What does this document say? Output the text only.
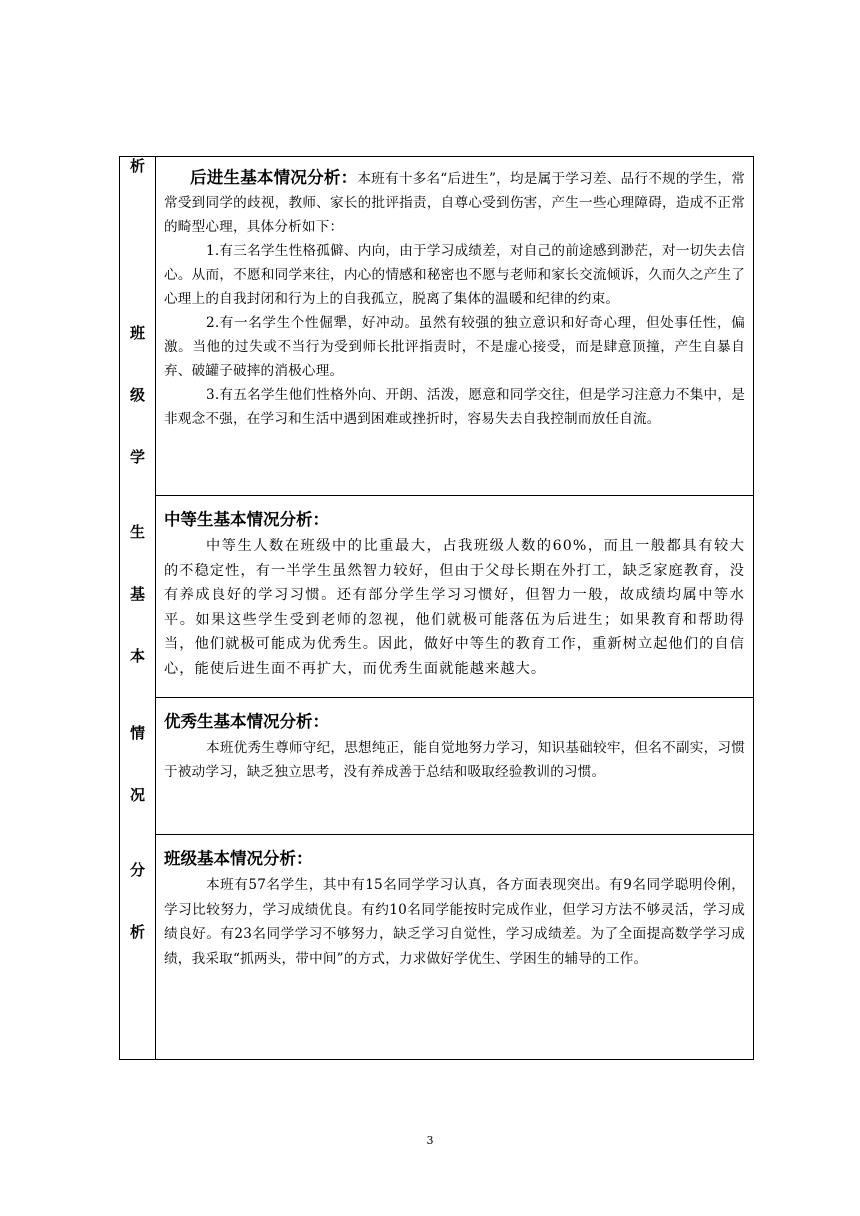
析
班
级
学
生
基
本
情
况
分
析

后进生基本情况分析：本班有十多名“后进生”，均是属于学习差、品行不规的学生，常常受到同学的歧视，教师、家长的批评指责，自尊心受到伤害，产生一些心理障碍，造成不正常的畸型心理，具体分析如下：

1.有三名学生性格孤僻、内向，由于学习成绩差，对自己的前途感到渺茫，对一切失去信心。从而，不愿和同学来往，内心的情感和秘密也不愿与老师和家长交流倾诉，久而久之产生了心理上的自我封闭和行为上的自我孤立，脱离了集体的温暖和纪律的约束。

2.有一名学生个性倔犟，好冲动。虽然有较强的独立意识和好奇心理，但处事任性，偏激。当他的过失或不当行为受到师长批评指责时，不是虚心接受，而是肆意顶撞，产生自暴自弃、破罐子破摔的消极心理。

3.有五名学生他们性格外向、开朗、活泼，愿意和同学交往，但是学习注意力不集中，是非观念不强，在学习和生活中遇到困难或挫折时，容易失去自我控制而放任自流。

中等生基本情况分析：

中等生人数在班级中的比重最大，占我班级人数的60%，而且一般都具有较大的不稳定性，有一半学生虽然智力较好，但由于父母长期在外打工，缺乏家庭教育，没有养成良好的学习习惯。还有部分学生学习习惯好，但智力一般，故成绩均属中等水平。如果这些学生受到老师的忽视，他们就极可能落伍为后进生；如果教育和帮助得当，他们就极可能成为优秀生。因此，做好中等生的教育工作，重新树立起他们的自信心，能使后进生面不再扩大，而优秀生面就能越来越大。

优秀生基本情况分析：

本班优秀生尊师守纪，思想纯正，能自觉地努力学习，知识基础较牢，但名不副实，习惯于被动学习，缺乏独立思考，没有养成善于总结和吸取经验教训的习惯。

班级基本情况分析：

本班有57名学生，其中有15名同学学习认真，各方面表现突出。有9名同学聪明伶俐，学习比较努力，学习成绩优良。有约10名同学能按时完成作业，但学习方法不够灵活，学习成绩良好。有23名同学学习不够努力，缺乏学习自觉性，学习成绩差。为了全面提高数学学习成绩，我采取“抓两头，带中间”的方式，力求做好学优生、学困生的辅导的工作。

3
